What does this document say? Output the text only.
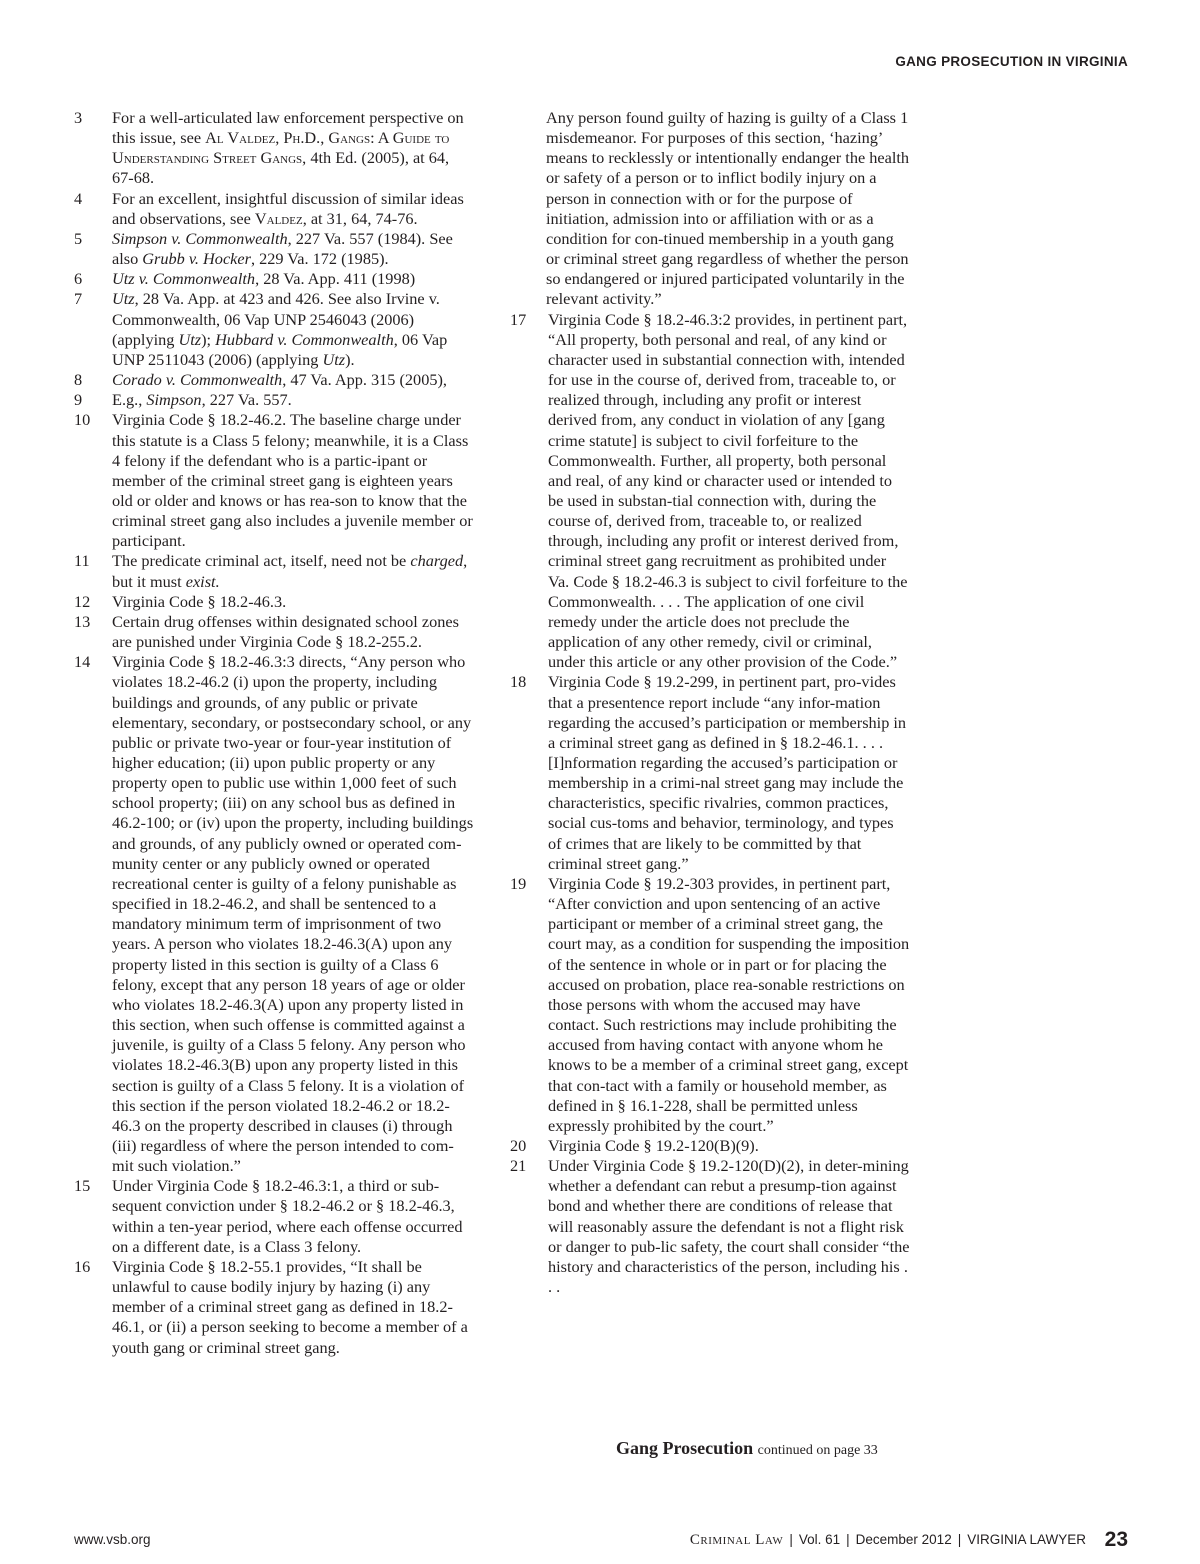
GANG PROSECUTION IN VIRGINIA
3	For a well-articulated law enforcement perspective on this issue, see Al Valdez, Ph.D., Gangs: A Guide to Understanding Street Gangs, 4th Ed. (2005), at 64, 67-68.
4	For an excellent, insightful discussion of similar ideas and observations, see Valdez, at 31, 64, 74-76.
5	Simpson v. Commonwealth, 227 Va. 557 (1984). See also Grubb v. Hocker, 229 Va. 172 (1985).
6	Utz v. Commonwealth, 28 Va. App. 411 (1998)
7	Utz, 28 Va. App. at 423 and 426. See also Irvine v. Commonwealth, 06 Vap UNP 2546043 (2006) (applying Utz); Hubbard v. Commonwealth, 06 Vap UNP 2511043 (2006) (applying Utz).
8	Corado v. Commonwealth, 47 Va. App. 315 (2005),
9	E.g., Simpson, 227 Va. 557.
10	Virginia Code § 18.2-46.2. The baseline charge under this statute is a Class 5 felony; meanwhile, it is a Class 4 felony if the defendant who is a partic-ipant or member of the criminal street gang is eighteen years old or older and knows or has rea-son to know that the criminal street gang also includes a juvenile member or participant.
11	The predicate criminal act, itself, need not be charged, but it must exist.
12	Virginia Code § 18.2-46.3.
13	Certain drug offenses within designated school zones are punished under Virginia Code § 18.2-255.2.
14	Virginia Code § 18.2-46.3:3 directs, “Any person who violates 18.2-46.2 (i) upon the property, including buildings and grounds, of any public or private elementary, secondary, or postsecondary school, or any public or private two-year or four-year institution of higher education; (ii) upon public property or any property open to public use within 1,000 feet of such school property; (iii) on any school bus as defined in 46.2-100; or (iv) upon the property, including buildings and grounds, of any publicly owned or operated com-munity center or any publicly owned or operated recreational center is guilty of a felony punishable as specified in 18.2-46.2, and shall be sentenced to a mandatory minimum term of imprisonment of two years. A person who violates 18.2-46.3(A) upon any property listed in this section is guilty of a Class 6 felony, except that any person 18 years of age or older who violates 18.2-46.3(A) upon any property listed in this section, when such offense is committed against a juvenile, is guilty of a Class 5 felony. Any person who violates 18.2-46.3(B) upon any property listed in this section is guilty of a Class 5 felony. It is a violation of this section if the person violated 18.2-46.2 or 18.2-46.3 on the property described in clauses (i) through (iii) regardless of where the person intended to com-mit such violation.”
15	Under Virginia Code § 18.2-46.3:1, a third or sub-sequent conviction under § 18.2-46.2 or § 18.2-46.3, within a ten-year period, where each offense occurred on a different date, is a Class 3 felony.
16	Virginia Code § 18.2-55.1 provides, “It shall be unlawful to cause bodily injury by hazing (i) any member of a criminal street gang as defined in 18.2-46.1, or (ii) a person seeking to become a member of a youth gang or criminal street gang.

Any person found guilty of hazing is guilty of a Class 1 misdemeanor. For purposes of this section, ‘hazing’ means to recklessly or intentionally endanger the health or safety of a person or to inflict bodily injury on a person in connection with or for the purpose of initiation, admission into or affiliation with or as a condition for con-tinued membership in a youth gang or criminal street gang regardless of whether the person so endangered or injured participated voluntarily in the relevant activity.”

17	Virginia Code § 18.2-46.3:2 provides, in pertinent part, “All property, both personal and real, of any kind or character used in substantial connection with, intended for use in the course of, derived from, traceable to, or realized through, including any profit or interest derived from, any conduct in violation of any [gang crime statute] is subject to civil forfeiture to the Commonwealth. Further, all property, both personal and real, of any kind or character used or intended to be used in substan-tial connection with, during the course of, derived from, traceable to, or realized through, including any profit or interest derived from, criminal street gang recruitment as prohibited under Va. Code § 18.2-46.3 is subject to civil forfeiture to the Commonwealth. . . . The application of one civil remedy under the article does not preclude the application of any other remedy, civil or criminal, under this article or any other provision of the Code.”
18	Virginia Code § 19.2-299, in pertinent part, pro-vides that a presentence report include “any infor-mation regarding the accused’s participation or membership in a criminal street gang as defined in § 18.2-46.1. . . . [I]nformation regarding the accused’s participation or membership in a crimi-nal street gang may include the characteristics, specific rivalries, common practices, social cus-toms and behavior, terminology, and types of crimes that are likely to be committed by that criminal street gang.”
19	Virginia Code § 19.2-303 provides, in pertinent part, “After conviction and upon sentencing of an active participant or member of a criminal street gang, the court may, as a condition for suspending the imposition of the sentence in whole or in part or for placing the accused on probation, place rea-sonable restrictions on those persons with whom the accused may have contact. Such restrictions may include prohibiting the accused from having contact with anyone whom he knows to be a member of a criminal street gang, except that con-tact with a family or household member, as defined in § 16.1-228, shall be permitted unless expressly prohibited by the court.”
20	Virginia Code § 19.2-120(B)(9).
21	Under Virginia Code § 19.2-120(D)(2), in deter-mining whether a defendant can rebut a presump-tion against bond and whether there are conditions of release that will reasonably assure the defendant is not a flight risk or danger to pub-lic safety, the court shall consider “the history and characteristics of the person, including his . . .
Gang Prosecution continued on page 33
www.vsb.org	Criminal Law | Vol. 61 | December 2012 | VIRGINIA LAWYER 23
